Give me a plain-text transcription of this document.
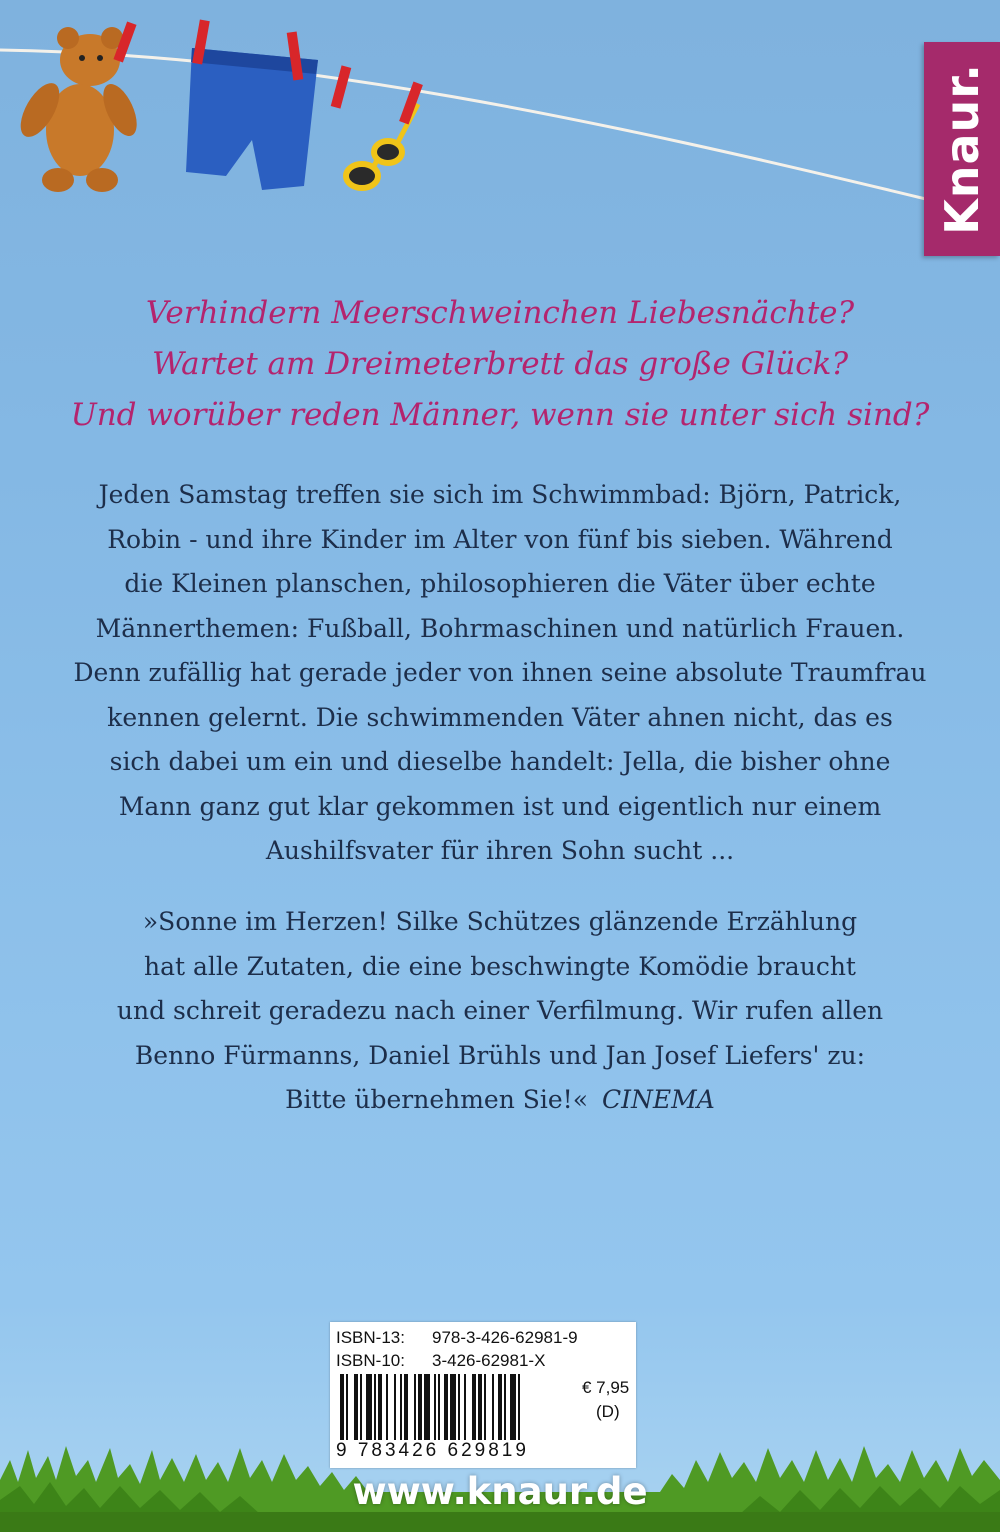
Knaur.
Verhindern Meerschweinchen Liebesnächte?
Wartet am Dreimeterbrett das große Glück?
Und worüber reden Männer, wenn sie unter sich sind?
Jeden Samstag treffen sie sich im Schwimmbad: Björn, Patrick,
Robin - und ihre Kinder im Alter von fünf bis sieben. Während
die Kleinen planschen, philosophieren die Väter über echte
Männerthemen: Fußball, Bohrmaschinen und natürlich Frauen.
Denn zufällig hat gerade jeder von ihnen seine absolute Traumfrau
kennen gelernt. Die schwimmenden Väter ahnen nicht, das es
sich dabei um ein und dieselbe handelt: Jella, die bisher ohne
Mann ganz gut klar gekommen ist und eigentlich nur einem
Aushilfsvater für ihren Sohn sucht ...
»Sonne im Herzen! Silke Schützes glänzende Erzählung
hat alle Zutaten, die eine beschwingte Komödie braucht
und schreit geradezu nach einer Verfilmung. Wir rufen allen
Benno Fürmanns, Daniel Brühls und Jan Josef Liefers' zu:
Bitte übernehmen Sie!« CINEMA
ISBN-13: 978-3-426-62981-9
ISBN-10: 3-426-62981-X
9 783426 629819
€ 7,95
(D)
www.knaur.de
